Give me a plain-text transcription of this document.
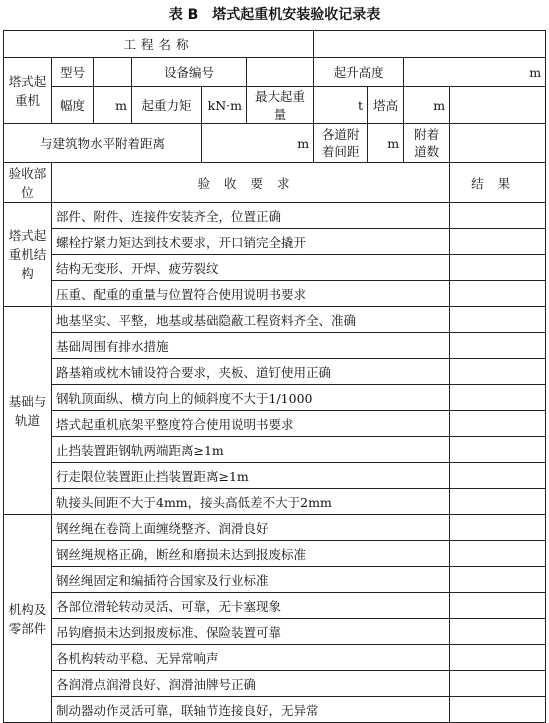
表 B 塔式起重机安装验收记录表
工程名称									
塔式起重机	型号		设备编号			起升高度		m	
	幅度	m	起重力矩	kN·m	最大起重量	t	塔高	m	
与建筑物水平附着距离				m		各道附着间距	m	附着道数	
验收部位	验收要求								结果
塔式起重机结构	部件、附件、连接件安装齐全，位置正确								
	螺栓拧紧力矩达到技术要求，开口销完全撬开								
	结构无变形、开焊、疲劳裂纹								
	压重、配重的重量与位置符合使用说明书要求								
基础与轨道	地基坚实、平整，地基或基础隐蔽工程资料齐全、准确								
	基础周围有排水措施								
	路基箱或枕木铺设符合要求，夹板、道钉使用正确								
	钢轨顶面纵、横方向上的倾斜度不大于1/1000								
	塔式起重机底架平整度符合使用说明书要求								
	止挡装置距钢轨两端距离≥1m								
	行走限位装置距止挡装置距离≥1m								
	轨接头间距不大于4mm，接头高低差不大于2mm								
机构及零部件	钢丝绳在卷筒上面缠绕整齐、润滑良好								
	钢丝绳规格正确，断丝和磨损未达到报废标准								
	钢丝绳固定和编插符合国家及行业标准								
	各部位滑轮转动灵活、可靠，无卡塞现象								
	吊钩磨损未达到报废标准、保险装置可靠								
	各机构转动平稳、无异常响声								
	各润滑点润滑良好、润滑油牌号正确								
	制动器动作灵活可靠，联轴节连接良好，无异常								
